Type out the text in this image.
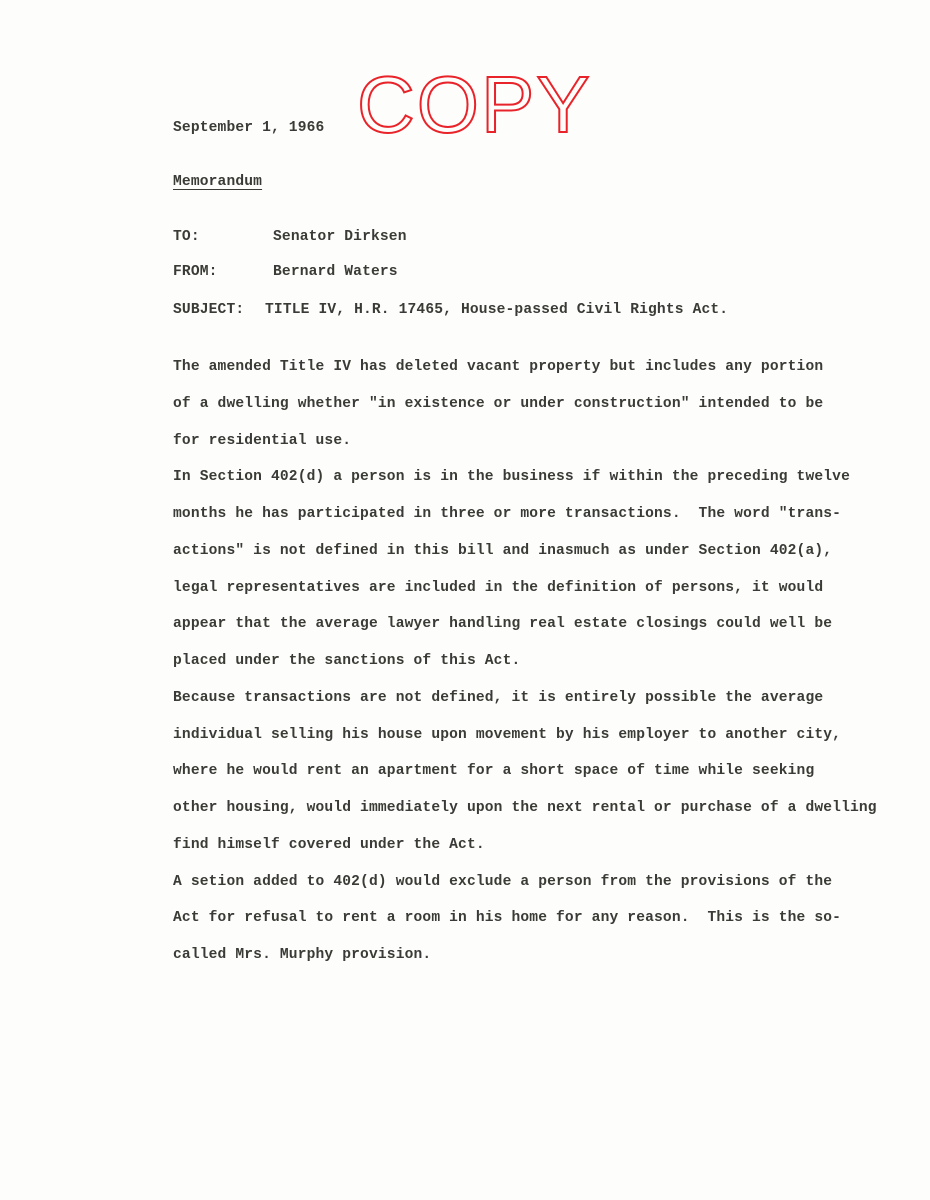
COPY
September 1, 1966
Memorandum
TO:	Senator Dirksen
FROM:	Bernard Waters
SUBJECT: TITLE IV, H.R. 17465, House-passed Civil Rights Act.
The amended Title IV has deleted vacant property but includes any portion
of a dwelling whether "in existence or under construction" intended to be
for residential use.
In Section 402(d) a person is in the business if within the preceding twelve
months he has participated in three or more transactions.  The word "trans-
actions" is not defined in this bill and inasmuch as under Section 402(a),
legal representatives are included in the definition of persons, it would
appear that the average lawyer handling real estate closings could well be
placed under the sanctions of this Act.
Because transactions are not defined, it is entirely possible the average
individual selling his house upon movement by his employer to another city,
where he would rent an apartment for a short space of time while seeking
other housing, would immediately upon the next rental or purchase of a dwelling
find himself covered under the Act.
A setion added to 402(d) would exclude a person from the provisions of the
Act for refusal to rent a room in his home for any reason.  This is the so-
called Mrs. Murphy provision.
